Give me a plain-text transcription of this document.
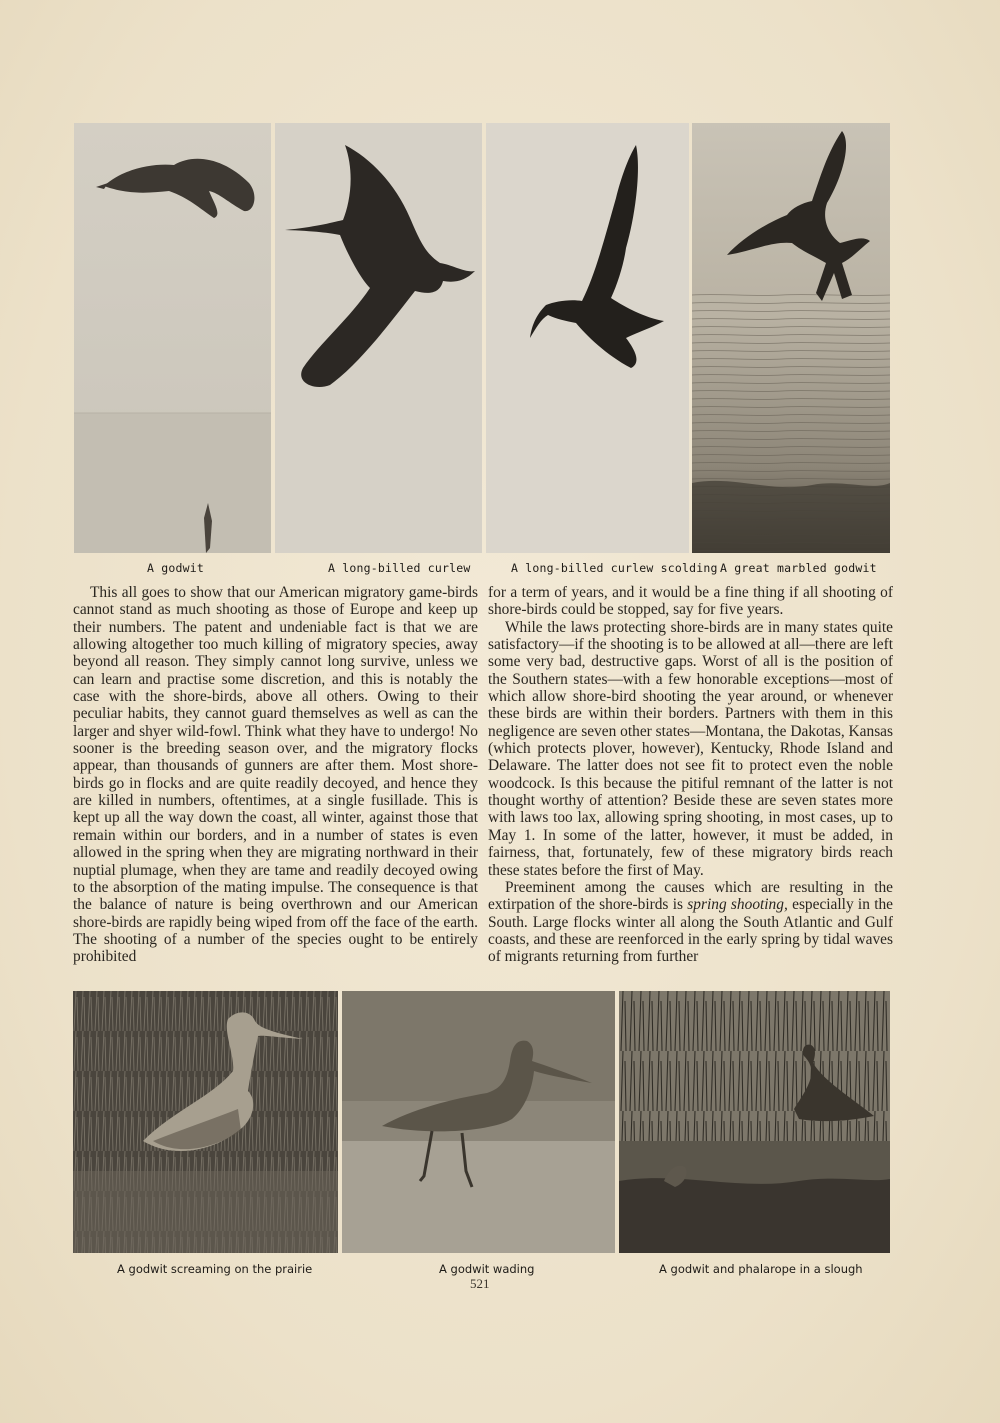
A godwit	A long-billed curlew	A long-billed curlew scolding A great marbled godwit

This all goes to show that our American migratory game-birds cannot stand as much shooting as those of Europe and keep up their numbers. The patent and undeniable fact is that we are allowing altogether too much killing of migratory species, away beyond all reason. They simply cannot long survive, unless we can learn and practise some discretion, and this is notably the case with the shore-birds, above all others. Owing to their peculiar habits, they cannot guard themselves as well as can the larger and shyer wild-fowl. Think what they have to undergo! No sooner is the breeding season over, and the migratory flocks appear, than thousands of gunners are after them. Most shore-birds go in flocks and are quite readily decoyed, and hence they are killed in numbers, oftentimes, at a single fusillade. This is kept up all the way down the coast, all winter, against those that remain within our borders, and in a number of states is even allowed in the spring when they are migrating northward in their nuptial plumage, when they are tame and readily decoyed owing to the absorption of the mating impulse. The consequence is that the balance of nature is being overthrown and our American shore-birds are rapidly being wiped from off the face of the earth. The shooting of a number of the species ought to be entirely prohibited

for a term of years, and it would be a fine thing if all shooting of shore-birds could be stopped, say for five years.

While the laws protecting shore-birds are in many states quite satisfactory—if the shooting is to be allowed at all—there are left some very bad, destructive gaps. Worst of all is the position of the Southern states—with a few honorable exceptions—most of which allow shore-bird shooting the year around, or whenever these birds are within their borders. Partners with them in this negligence are seven other states—Montana, the Dakotas, Kansas (which protects plover, however), Kentucky, Rhode Island and Delaware. The latter does not see fit to protect even the noble woodcock. Is this because the pitiful remnant of the latter is not thought worthy of attention? Beside these are seven states more with laws too lax, allowing spring shooting, in most cases, up to May 1. In some of the latter, however, it must be added, in fairness, that, fortunately, few of these migratory birds reach these states before the first of May.

Preeminent among the causes which are resulting in the extirpation of the shore-birds is spring shooting, especially in the South. Large flocks winter all along the South Atlantic and Gulf coasts, and these are reenforced in the early spring by tidal waves of migrants returning from further

A godwit screaming on the prairie	A godwit wading	A godwit and phalarope in a slough
521
